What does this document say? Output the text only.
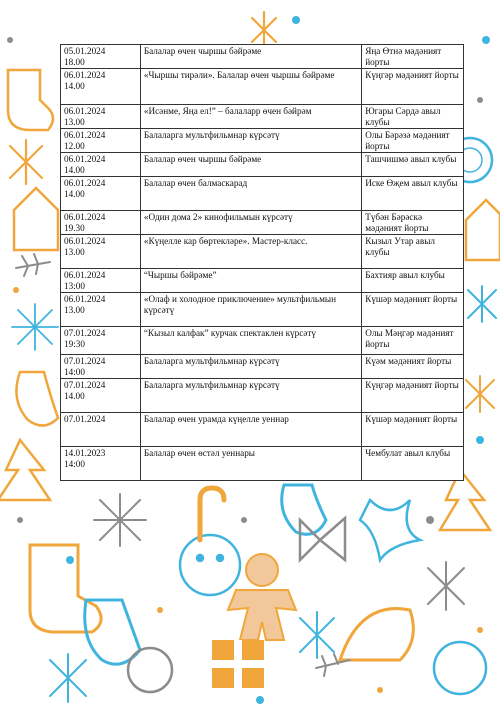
05.01.2024
18.00	Балалар өчен чыршы бәйрәме	Яңа Өтнә мәдәният йорты

06.01.2024
14.00	«Чыршы тирәли». Балалар өчен чыршы бәйрәме	Күңгәр мәдәният йорты

06.01.2024
13.00	«Исәнме, Яңа ел!” – балаларр өчен бәйрәм	Югары Сәрдә авыл клубы

06.01.2024
12.00	Балаларга мультфильмнар күрсәтү	Олы Бәрәзә мәдәният йорты

06.01.2024
14.00	Балалар өчен чыршы бәйрәме	Ташчишмә авыл клубы

06.01.2024
14.00	Балалар өчен балмаскарад	Иске Өҗем авыл клубы

06.01.2024
19.30	«Один дома 2» кинофильмын күрсәтү	Түбән Бәрәскә мәдәният йорты

06.01.2024
13.00	«Күңелле кар бөртекләре». Мастер-класс.	Кызыл Утар авыл клубы

06.01.2024
13:00	“Чыршы бәйрәме”	Бахтияр авыл клубы

06.01.2024
13.00	«Олаф и холодное приключение» мультфильмын күрсәтү	Күшәр мәдәният йорты

07.01.2024
19:30	“Кызыл калфак” курчак спектаклен күрсәтү	Олы Мәңгәр мәдәният йорты

07.01.2024
14:00	Балаларга мультфильмнар күрсәтү	Күәм мәдәният йорты

07.01.2024
14.00	Балаларга мультфильмнар күрсәтү	Күңгәр мәдәният йорты

07.01.2024	Балалар өчен урамда күңелле уеннар	Күшәр мәдәният йорты

14.01.2023
14:00	Балалар өчен өстәл уеннары	Чембулат авыл клубы
